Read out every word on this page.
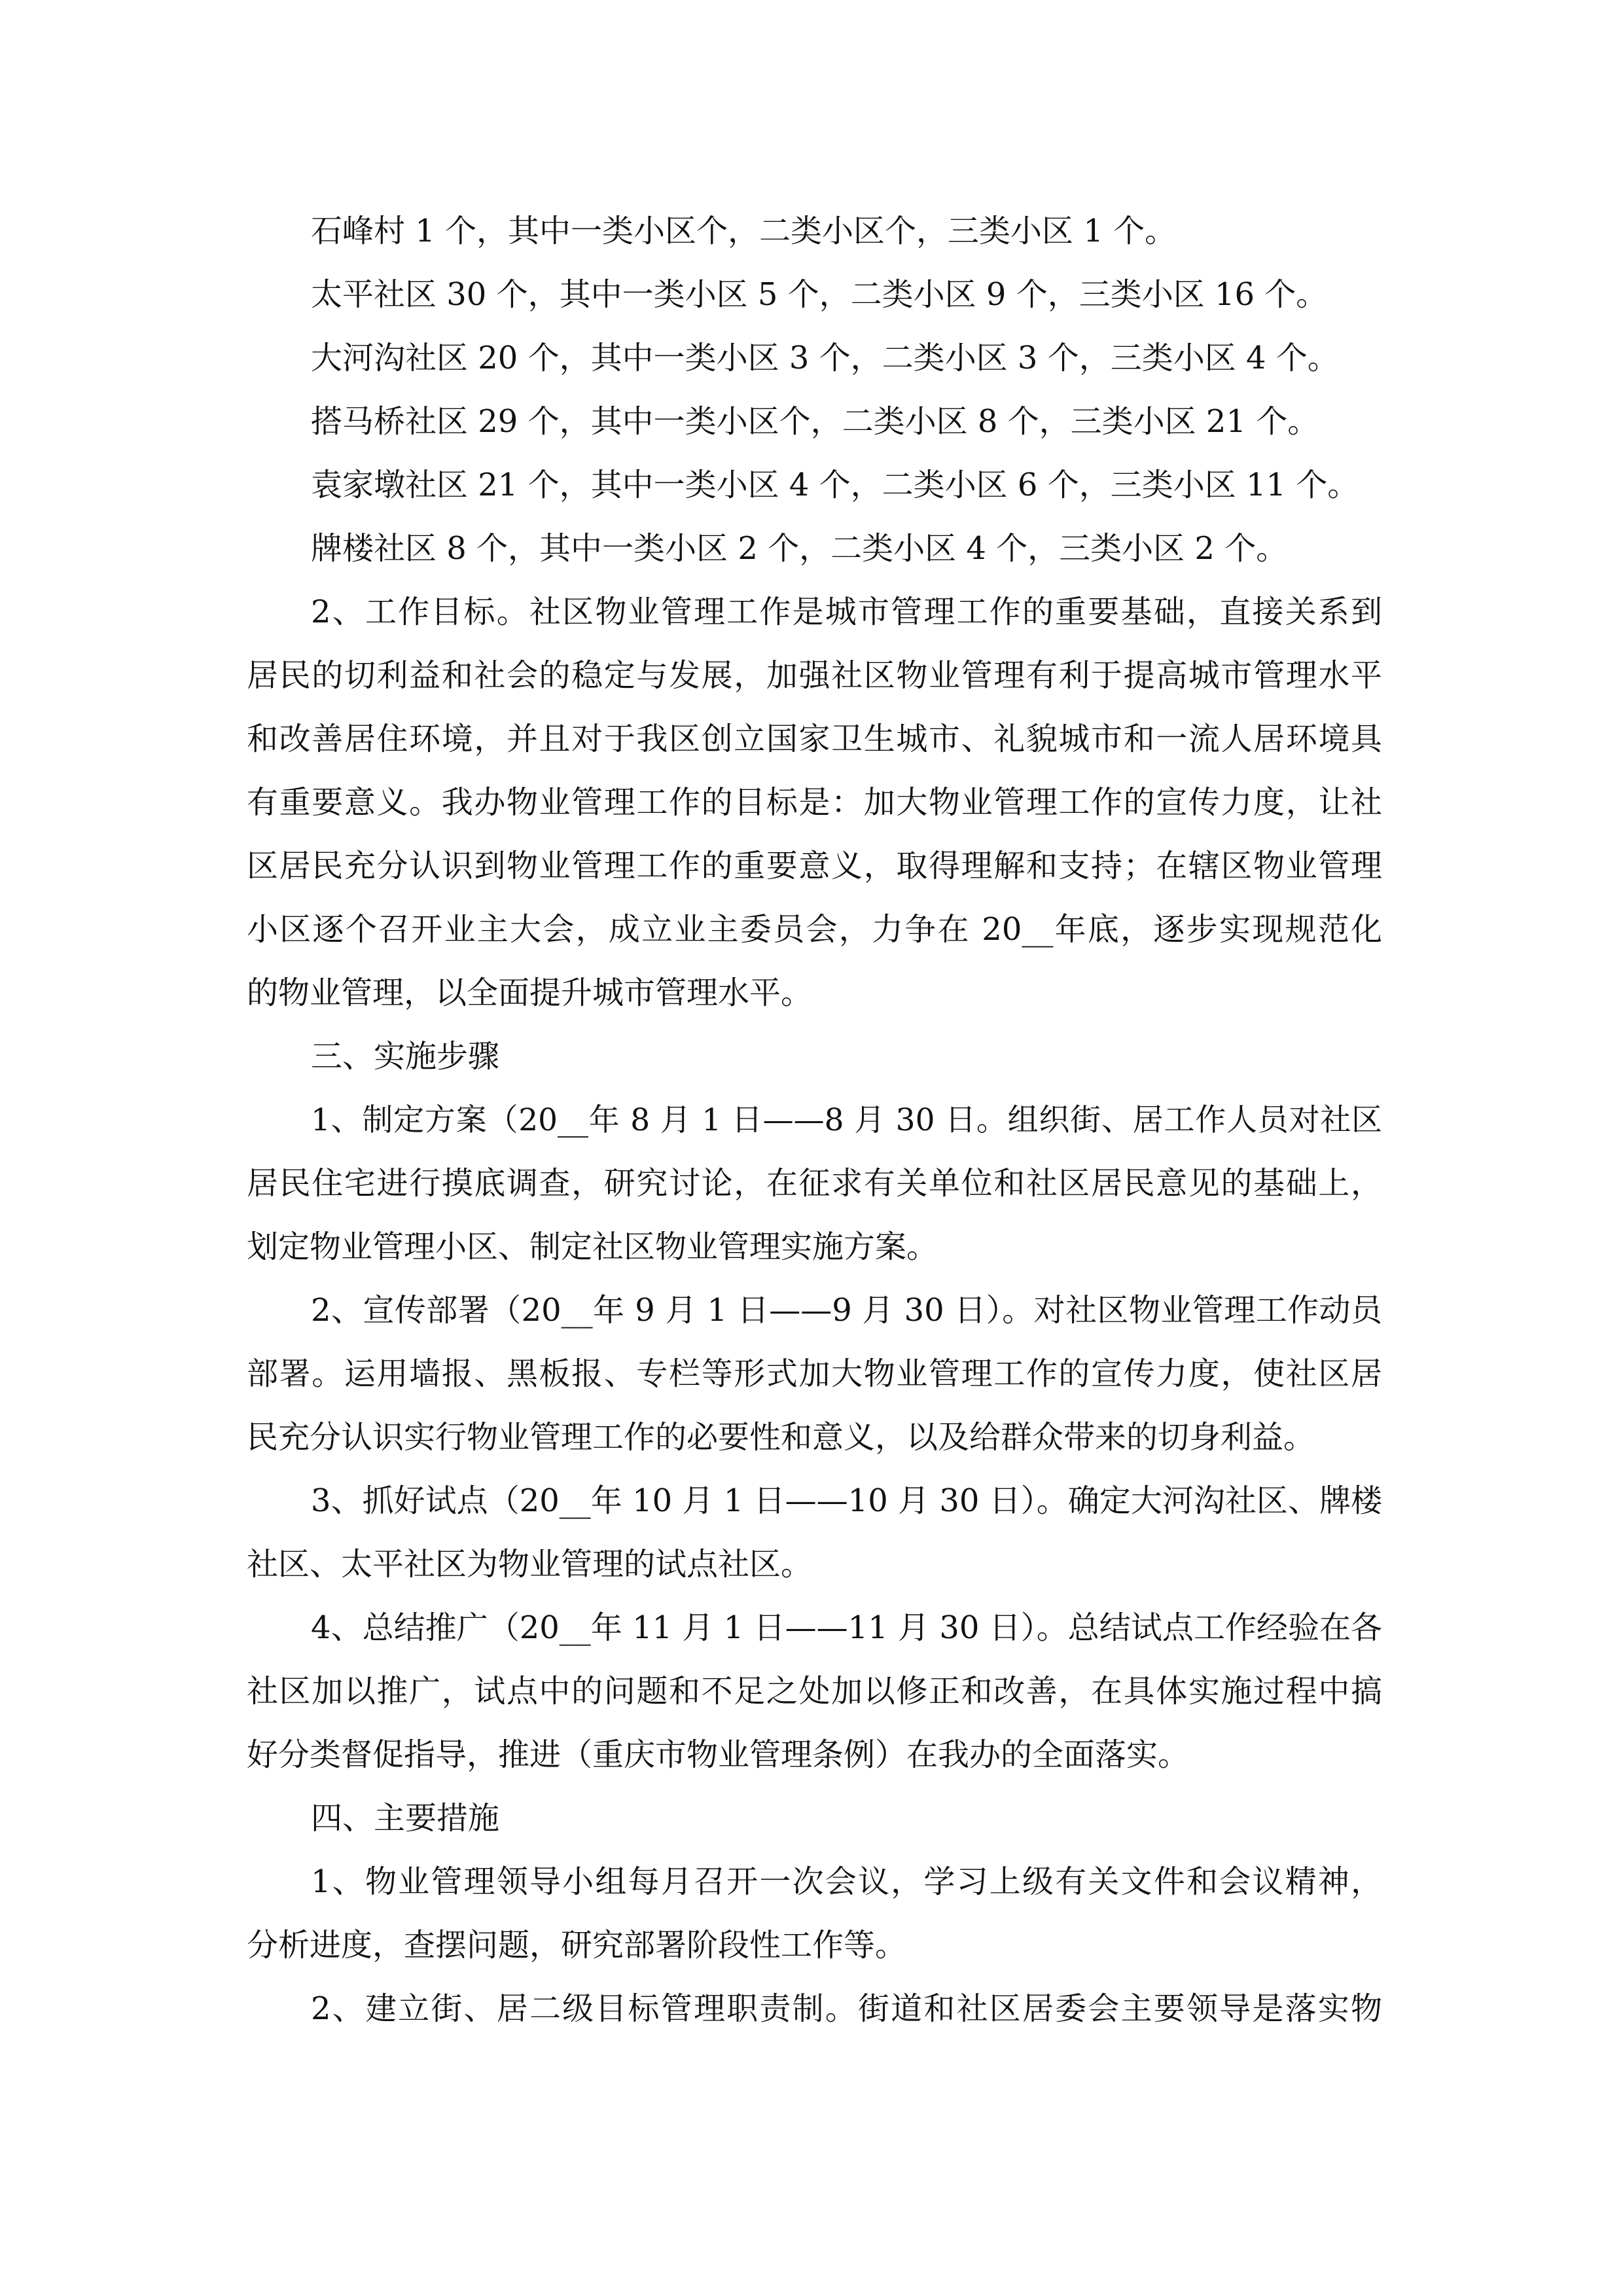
石峰村 1 个，其中一类小区个，二类小区个，三类小区 1 个。

太平社区 30 个，其中一类小区 5 个，二类小区 9 个，三类小区 16 个。

大河沟社区 20 个，其中一类小区 3 个，二类小区 3 个，三类小区 4 个。

搭马桥社区 29 个，其中一类小区个，二类小区 8 个，三类小区 21 个。

袁家墩社区 21 个，其中一类小区 4 个，二类小区 6 个，三类小区 11 个。

牌楼社区 8 个，其中一类小区 2 个，二类小区 4 个，三类小区 2 个。

2、工作目标。社区物业管理工作是城市管理工作的重要基础，直接关系到

居民的切利益和社会的稳定与发展，加强社区物业管理有利于提高城市管理水平

和改善居住环境，并且对于我区创立国家卫生城市、礼貌城市和一流人居环境具

有重要意义。我办物业管理工作的目标是：加大物业管理工作的宣传力度，让社

区居民充分认识到物业管理工作的重要意义，取得理解和支持；在辖区物业管理

小区逐个召开业主大会，成立业主委员会，力争在 20__年底，逐步实现规范化

的物业管理，以全面提升城市管理水平。

三、实施步骤

1、制定方案（20__年 8 月 1 日——8 月 30 日。组织街、居工作人员对社区

居民住宅进行摸底调查，研究讨论，在征求有关单位和社区居民意见的基础上，

划定物业管理小区、制定社区物业管理实施方案。

2、宣传部署（20__年 9 月 1 日——9 月 30 日）。对社区物业管理工作动员

部署。运用墙报、黑板报、专栏等形式加大物业管理工作的宣传力度，使社区居

民充分认识实行物业管理工作的必要性和意义，以及给群众带来的切身利益。

3、抓好试点（20__年 10 月 1 日——10 月 30 日）。确定大河沟社区、牌楼

社区、太平社区为物业管理的试点社区。

4、总结推广（20__年 11 月 1 日——11 月 30 日）。总结试点工作经验在各

社区加以推广，试点中的问题和不足之处加以修正和改善，在具体实施过程中搞

好分类督促指导，推进（重庆市物业管理条例）在我办的全面落实。

四、主要措施

1、物业管理领导小组每月召开一次会议，学习上级有关文件和会议精神，

分析进度，查摆问题，研究部署阶段性工作等。

2、建立街、居二级目标管理职责制。街道和社区居委会主要领导是落实物
